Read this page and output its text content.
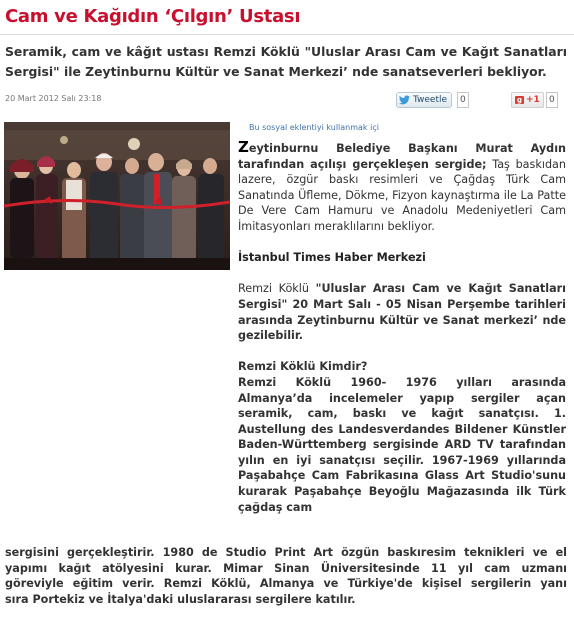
Cam ve Kağıdın ‘Çılgın’ Ustası
Seramik, cam ve kâğıt ustası Remzi Köklü "Uluslar Arası Cam ve Kağıt Sanatları Sergisi" ile Zeytinburnu Kültür ve Sanat Merkezi’ nde sanatseverleri bekliyor.
20 Mart 2012 Salı 23:18	Tweetle	0	g +1	0
Bu sosyal eklentiyi kullanmak içi

Zeytinburnu Belediye Başkanı Murat Aydın tarafından açılışı gerçekleşen sergide; Taş baskıdan lazere, özgür baskı resimleri ve Çağdaş Türk Cam Sanatında Üfleme, Dökme, Fizyon kaynaştırma ile La Patte De Vere Cam Hamuru ve Anadolu Medeniyetleri Cam İmitasyonları meraklılarını bekliyor.

İstanbul Times Haber Merkezi

Remzi Köklü "Uluslar Arası Cam ve Kağıt Sanatları Sergisi" 20 Mart Salı - 05 Nisan Perşembe tarihleri arasında Zeytinburnu Kültür ve Sanat merkezi’ nde gezilebilir.

Remzi Köklü Kimdir?
Remzi Köklü 1960- 1976 yılları arasında Almanya’da incelemeler yapıp sergiler açan seramik, cam, baskı ve kağıt sanatçısı. 1. Austellung des Landesverdandes Bildener Künstler Baden-Württemberg sergisinde ARD TV tarafından yılın en iyi sanatçısı seçilir. 1967-1969 yıllarında Paşabahçe Cam Fabrikasına Glass Art Studio'sunu kurarak Paşabahçe Beyoğlu Mağazasında ilk Türk çağdaş cam

sergisini gerçekleştirir. 1980 de Studio Print Art özgün baskıresim teknikleri ve el
yapımı kağıt atölyesini kurar. Mimar Sinan Üniversitesinde 11 yıl cam uzmanı
göreviyle eğitim verir. Remzi Köklü, Almanya ve Türkiye'de kişisel sergilerin yanı
sıra Portekiz ve İtalya'daki uluslararası sergilere katılır.
